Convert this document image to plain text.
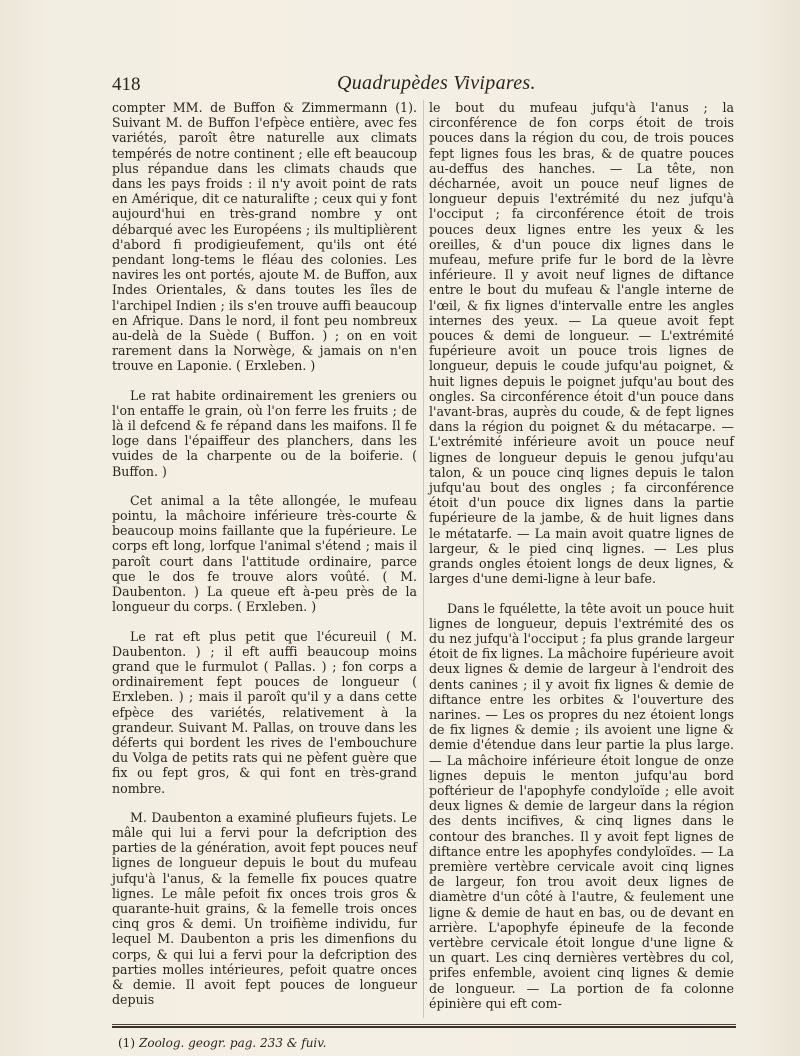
418	Quadrupèdes Vivipares.

compter MM. de Buffon & Zimmermann (1). Suivant M. de Buffon l'efpèce entière, avec fes variétés, paroît être naturelle aux climats tempérés de notre continent ; elle eft beaucoup plus répandue dans les climats chauds que dans les pays froids : il n'y avoit point de rats en Amérique, dit ce naturalifte ; ceux qui y font aujourd'hui en très-grand nombre y ont débarqué avec les Européens ; ils multiplièrent d'abord fi prodigieufement, qu'ils ont été pendant long-tems le fléau des colonies. Les navires les ont portés, ajoute M. de Buffon, aux Indes Orientales, & dans toutes les îles de l'archipel Indien ; ils s'en trouve auffi beaucoup en Afrique. Dans le nord, il font peu nombreux au-delà de la Suède ( Buffon. ) ; on en voit rarement dans la Norwège, & jamais on n'en trouve en Laponie. ( Erxleben. )

Le rat habite ordinairement les greniers ou l'on entaffe le grain, où l'on ferre les fruits ; de là il defcend & fe répand dans les maifons. Il fe loge dans l'épaiffeur des planchers, dans les vuides de la charpente ou de la boiferie. ( Buffon. )

Cet animal a la tête allongée, le mufeau pointu, la mâchoire inférieure très-courte & beaucoup moins faillante que la fupérieure. Le corps eft long, lorfque l'animal s'étend ; mais il paroît court dans l'attitude ordinaire, parce que le dos fe trouve alors voûté. ( M. Daubenton. ) La queue eft à-peu près de la longueur du corps. ( Erxleben. )

Le rat eft plus petit que l'écureuil ( M. Daubenton. ) ; il eft auffi beaucoup moins grand que le furmulot ( Pallas. ) ; fon corps a ordinairement fept pouces de longueur ( Erxleben. ) ; mais il paroît qu'il y a dans cette efpèce des variétés, relativement à la grandeur. Suivant M. Pallas, on trouve dans les déferts qui bordent les rives de l'embouchure du Volga de petits rats qui ne pèfent guère que fix ou fept gros, & qui font en très-grand nombre.

M. Daubenton a examiné plufieurs fujets. Le mâle qui lui a fervi pour la defcription des parties de la génération, avoit fept pouces neuf lignes de longueur depuis le bout du mufeau jufqu'à l'anus, & la femelle fix pouces quatre lignes. Le mâle pefoit fix onces trois gros & quarante-huit grains, & la femelle trois onces cinq gros & demi. Un troifième individu, fur lequel M. Daubenton a pris les dimenfions du corps, & qui lui a fervi pour la defcription des parties molles intérieures, pefoit quatre onces & demie. Il avoit fept pouces de longueur depuis

le bout du mufeau jufqu'à l'anus ; la circonférence de fon corps étoit de trois pouces dans la région du cou, de trois pouces fept lignes fous les bras, & de quatre pouces au-deffus des hanches. — La tête, non décharnée, avoit un pouce neuf lignes de longueur depuis l'extrémité du nez jufqu'à l'occiput ; fa circonférence étoit de trois pouces deux lignes entre les yeux & les oreilles, & d'un pouce dix lignes dans le mufeau, mefure prife fur le bord de la lèvre inférieure. Il y avoit neuf lignes de diftance entre le bout du mufeau & l'angle interne de l'œil, & fix lignes d'intervalle entre les angles internes des yeux. — La queue avoit fept pouces & demi de longueur. — L'extrémité fupérieure avoit un pouce trois lignes de longueur, depuis le coude jufqu'au poignet, & huit lignes depuis le poignet jufqu'au bout des ongles. Sa circonférence étoit d'un pouce dans l'avant-bras, auprès du coude, & de fept lignes dans la région du poignet & du métacarpe. — L'extrémité inférieure avoit un pouce neuf lignes de longueur depuis le genou jufqu'au talon, & un pouce cinq lignes depuis le talon jufqu'au bout des ongles ; fa circonférence étoit d'un pouce dix lignes dans la partie fupérieure de la jambe, & de huit lignes dans le métatarfe. — La main avoit quatre lignes de largeur, & le pied cinq lignes. — Les plus grands ongles étoient longs de deux lignes, & larges d'une demi-ligne à leur bafe.

Dans le fquélette, la tête avoit un pouce huit lignes de longueur, depuis l'extrémité des os du nez jufqu'à l'occiput ; fa plus grande largeur étoit de fix lignes. La mâchoire fupérieure avoit deux lignes & demie de largeur à l'endroit des dents canines ; il y avoit fix lignes & demie de diftance entre les orbites & l'ouverture des narines. — Les os propres du nez étoient longs de fix lignes & demie ; ils avoient une ligne & demie d'étendue dans leur partie la plus large. — La mâchoire inférieure étoit longue de onze lignes depuis le menton jufqu'au bord poftérieur de l'apophyfe condyloïde ; elle avoit deux lignes & demie de largeur dans la région des dents incifives, & cinq lignes dans le contour des branches. Il y avoit fept lignes de diftance entre les apophyfes condyloïdes. — La première vertèbre cervicale avoit cinq lignes de largeur, fon trou avoit deux lignes de diamètre d'un côté à l'autre, & feulement une ligne & demie de haut en bas, ou de devant en arrière. L'apophyfe épineufe de la feconde vertèbre cervicale étoit longue d'une ligne & un quart. Les cinq dernières vertèbres du col, prifes enfemble, avoient cinq lignes & demie de longueur. — La portion de fa colonne épinière qui eft com-

(1) Zoolog. geogr. pag. 233 & fuiv.
